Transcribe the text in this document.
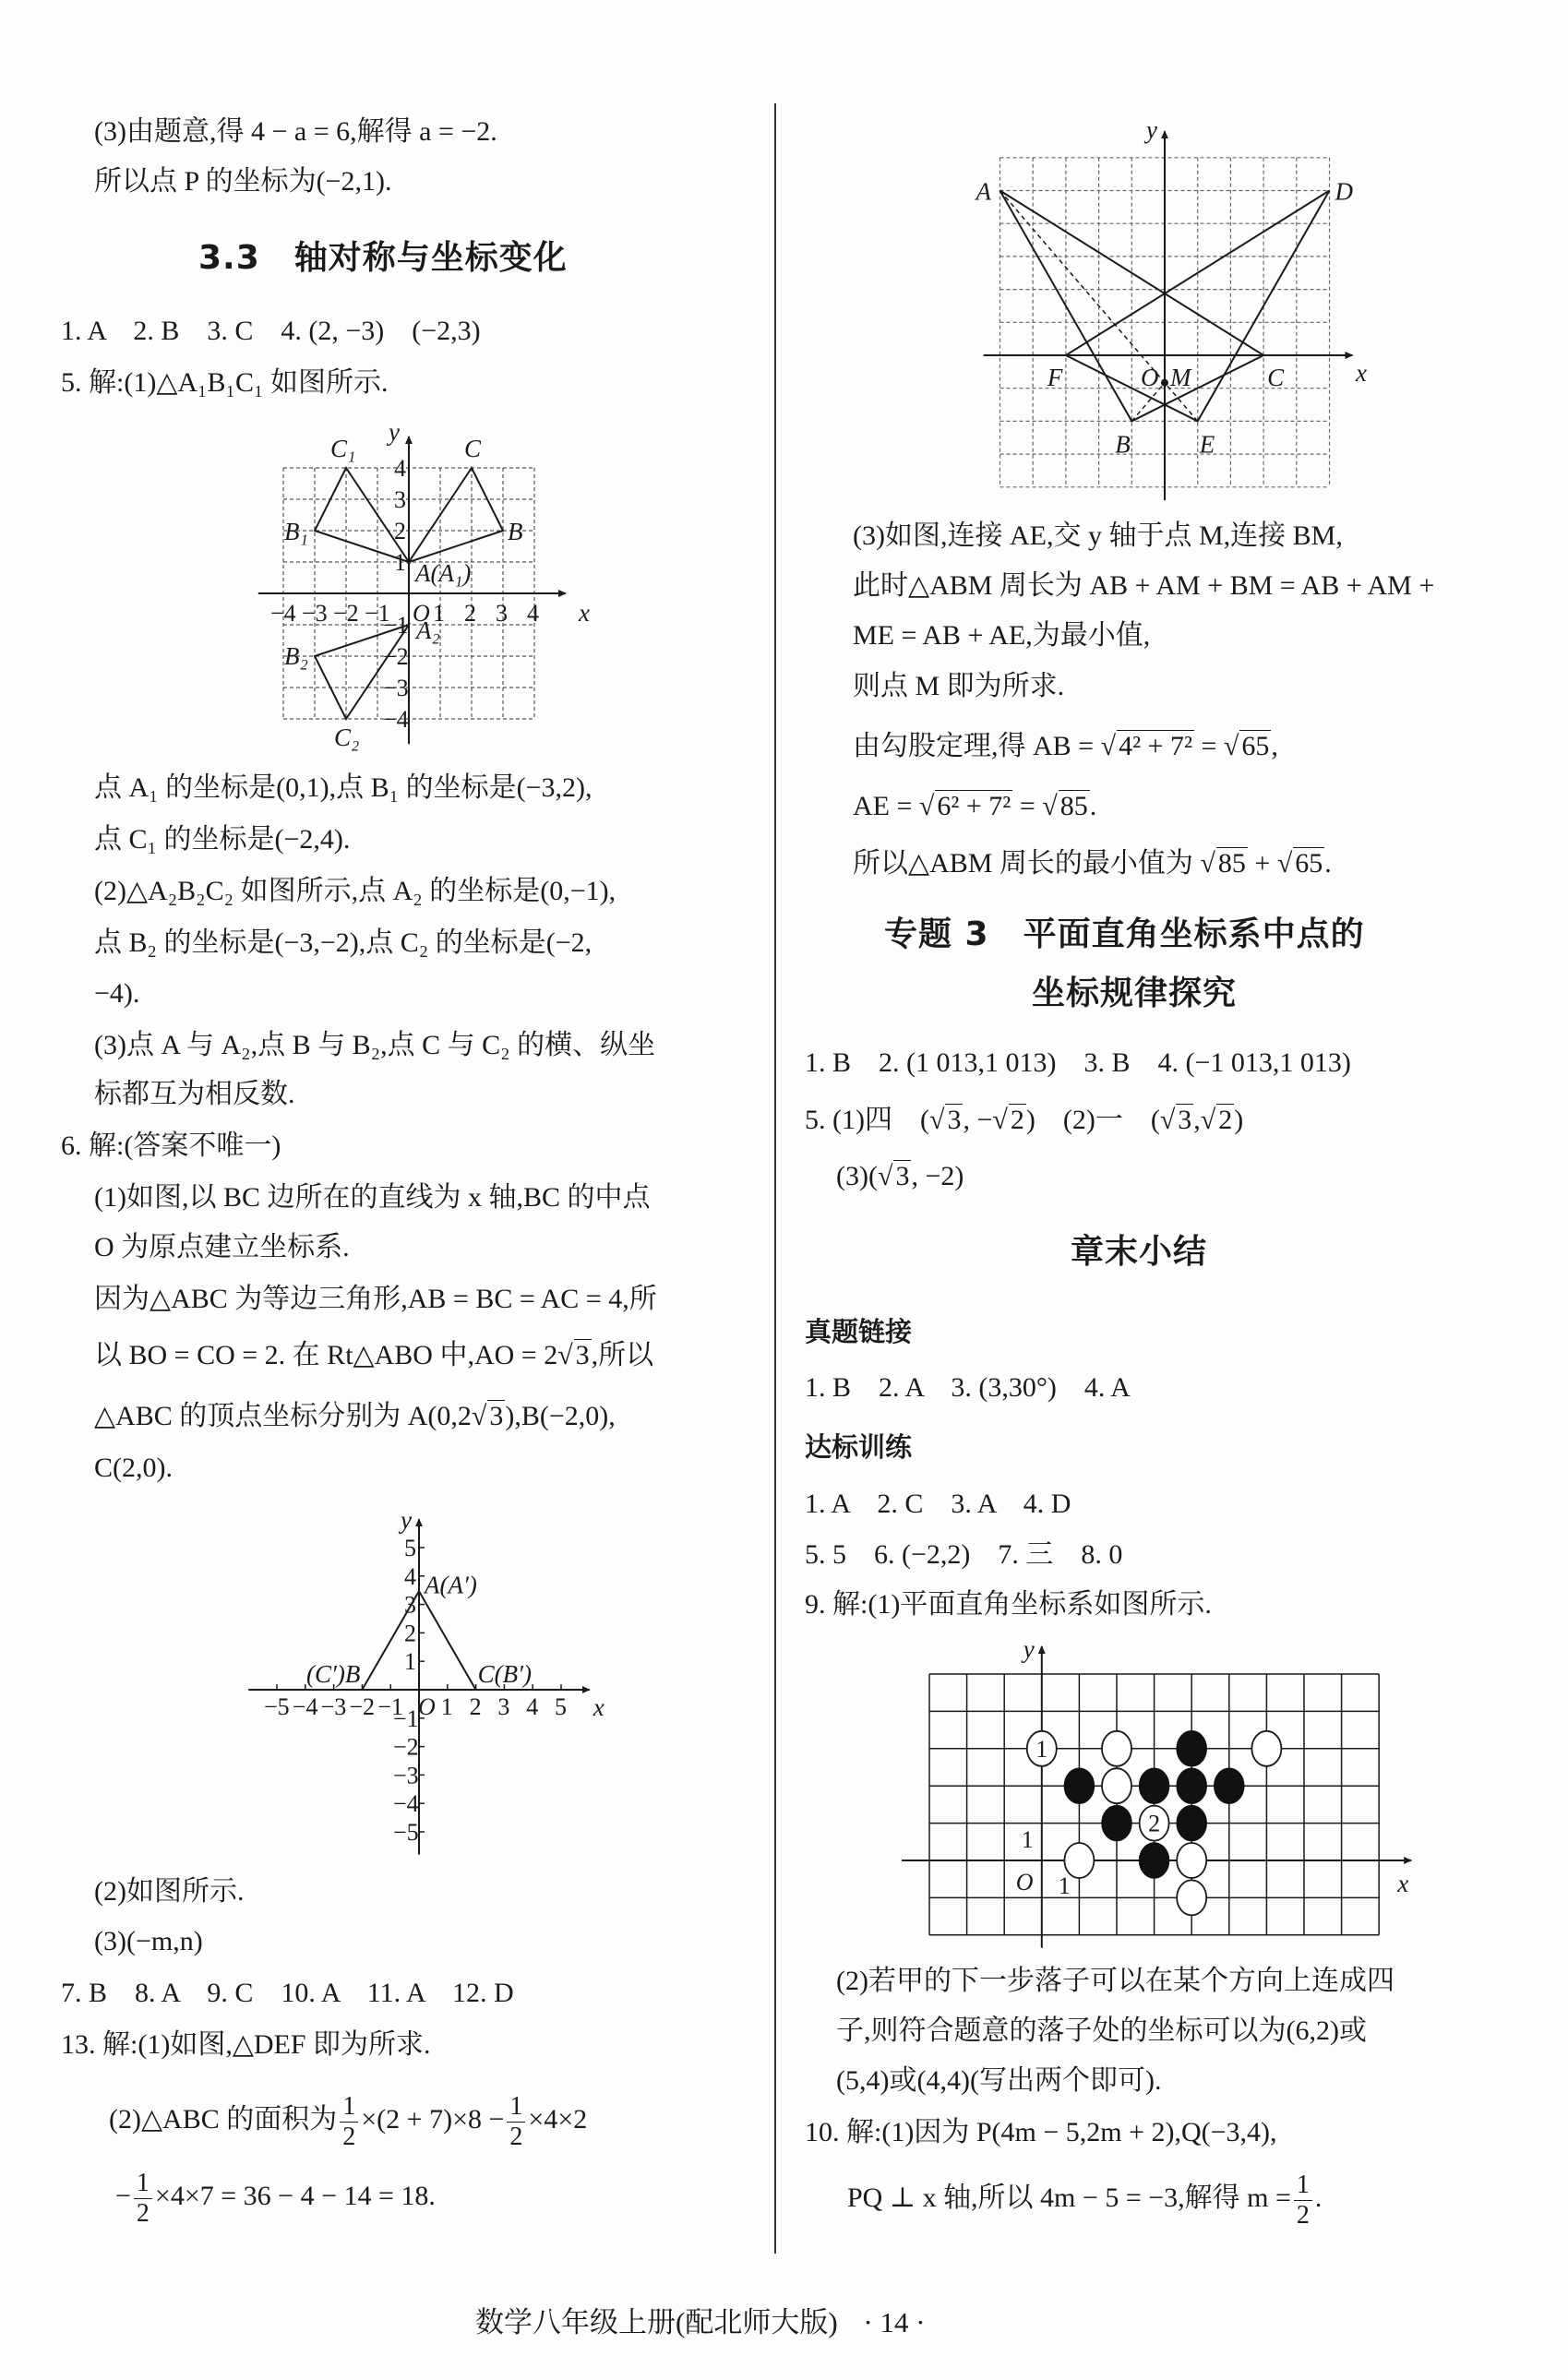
(3)由题意,得 4 − a = 6,解得 a = −2.
所以点 P 的坐标为(−2,1).
3.3　轴对称与坐标变化
1. A　2. B　3. C　4. (2, −3)　(−2,3)
5. 解:(1)△A₁B₁C₁ 如图所示.
点 A₁ 的坐标是(0,1),点 B₁ 的坐标是(−3,2),
点 C₁ 的坐标是(−2,4).
(2)△A₂B₂C₂ 如图所示,点 A₂ 的坐标是(0,−1),
点 B₂ 的坐标是(−3,−2),点 C₂ 的坐标是(−2,
−4).
(3)点 A 与 A₂,点 B 与 B₂,点 C 与 C₂ 的横、纵坐
标都互为相反数.
6. 解:(答案不唯一)
(1)如图,以 BC 边所在的直线为 x 轴,BC 的中点
O 为原点建立坐标系.
因为△ABC 为等边三角形,AB = BC = AC = 4,所
以 BO = CO = 2. 在 Rt△ABO 中,AO = 2√ 3,所以
△ABC 的顶点坐标分别为 A(0,2√ 3),B(−2,0),
C(2,0).
(2)如图所示.
(3)(−m,n)
7. B　8. A　9. C　10. A　11. A　12. D
13. 解:(1)如图,△DEF 即为所求.
(2)△ABC 的面积为 $\frac{1}{2} \times(2 + 7)\times 8 - \frac{1}{2} \times 4\times 2$
− $\frac{1}{2} \times 4\times 7 = 36 - 4 - 14 = 18$.
(3)如图,连接 AE,交 y 轴于点 M,连接 BM,
此时△ABM 周长为 AB + AM + BM = AB + AM +
ME = AB + AE,为最小值,
则点 M 即为所求.
由勾股定理,得 AB = √ 4² + 7² = √ 65,
AE = √ 6² + 7² = √ 85.
所以△ABM 周长的最小值为 √ 85 + √ 65.
专题 3　平面直角坐标系中点的
坐标规律探究
1. B　2. (1 013,1 013)　3. B　4. (−1 013,1 013)
5. (1)四　(√ 3, −√ 2)　(2)一　(√ 3,√ 2)
(3)(√ 3, −2)
章末小结
真题链接
1. B　2. A　3. (3,30°)　4. A
达标训练
1. A　2. C　3. A　4. D
5. 5　6. (−2,2)　7. 三　8. 0
9. 解:(1)平面直角坐标系如图所示.
(2)若甲的下一步落子可以在某个方向上连成四
子,则符合题意的落子处的坐标可以为(6,2)或
(5,4)或(4,4)(写出两个即可).
10. 解:(1)因为 P(4m − 5,2m + 2),Q(−3,4),
PQ ⊥ x 轴,所以 4m − 5 = −3,解得 $m = \frac{1}{2}$ .
数学八年级上册(配北师大版) · 14 ·
−4 −3 −2 −1 O 1 2 3 4
4
3
2
1
−1
−2
−3
−4
x
y
C₁	C
B₁	B
A(A₁)
A₂
B₂
C₂
−5 −4 −3 −2 −1 O 1 2 3 4 5
5
4
3
2
1
−1
−2
−3
−4
−5
x
y
A(A′)
(C′)B	C(B′)
x
y
A	D
F	O M	C
B	E
1
2
1
O 1	x
y
